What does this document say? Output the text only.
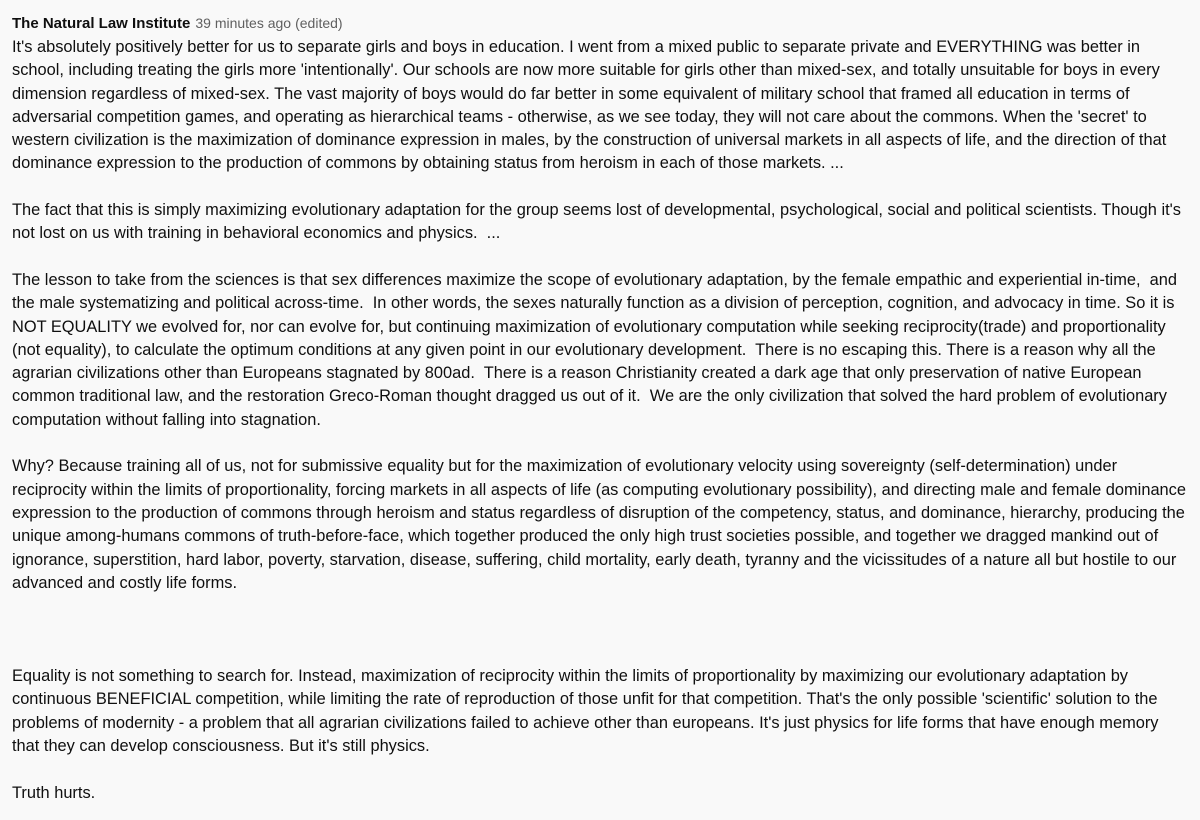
The Natural Law Institute 39 minutes ago (edited)

It's absolutely positively better for us to separate girls and boys in education. I went from a mixed public to separate private and EVERYTHING was better in school, including treating the girls more 'intentionally'. Our schools are now more suitable for girls other than mixed-sex, and totally unsuitable for boys in every dimension regardless of mixed-sex. The vast majority of boys would do far better in some equivalent of military school that framed all education in terms of adversarial competition games, and operating as hierarchical teams - otherwise, as we see today, they will not care about the commons. When the 'secret' to western civilization is the maximization of dominance expression in males, by the construction of universal markets in all aspects of life, and the direction of that dominance expression to the production of commons by obtaining status from heroism in each of those markets. ...

The fact that this is simply maximizing evolutionary adaptation for the group seems lost of developmental, psychological, social and political scientists. Though it's not lost on us with training in behavioral economics and physics.  ...

The lesson to take from the sciences is that sex differences maximize the scope of evolutionary adaptation, by the female empathic and experiential in-time,  and the male systematizing and political across-time.  In other words, the sexes naturally function as a division of perception, cognition, and advocacy in time. So it is NOT EQUALITY we evolved for, nor can evolve for, but continuing maximization of evolutionary computation while seeking reciprocity(trade) and proportionality (not equality), to calculate the optimum conditions at any given point in our evolutionary development.  There is no escaping this. There is a reason why all the agrarian civilizations other than Europeans stagnated by 800ad.  There is a reason Christianity created a dark age that only preservation of native European common traditional law, and the restoration Greco-Roman thought dragged us out of it.  We are the only civilization that solved the hard problem of evolutionary computation without falling into stagnation.

Why? Because training all of us, not for submissive equality but for the maximization of evolutionary velocity using sovereignty (self-determination) under reciprocity within the limits of proportionality, forcing markets in all aspects of life (as computing evolutionary possibility), and directing male and female dominance expression to the production of commons through heroism and status regardless of disruption of the competency, status, and dominance, hierarchy, producing the unique among-humans commons of truth-before-face, which together produced the only high trust societies possible, and together we dragged mankind out of ignorance, superstition, hard labor, poverty, starvation, disease, suffering, child mortality, early death, tyranny and the vicissitudes of a nature all but hostile to our advanced and costly life forms.

Equality is not something to search for. Instead, maximization of reciprocity within the limits of proportionality by maximizing our evolutionary adaptation by continuous BENEFICIAL competition, while limiting the rate of reproduction of those unfit for that competition. That's the only possible 'scientific' solution to the problems of modernity - a problem that all agrarian civilizations failed to achieve other than europeans. It's just physics for life forms that have enough memory that they can develop consciousness. But it's still physics.

Truth hurts.
